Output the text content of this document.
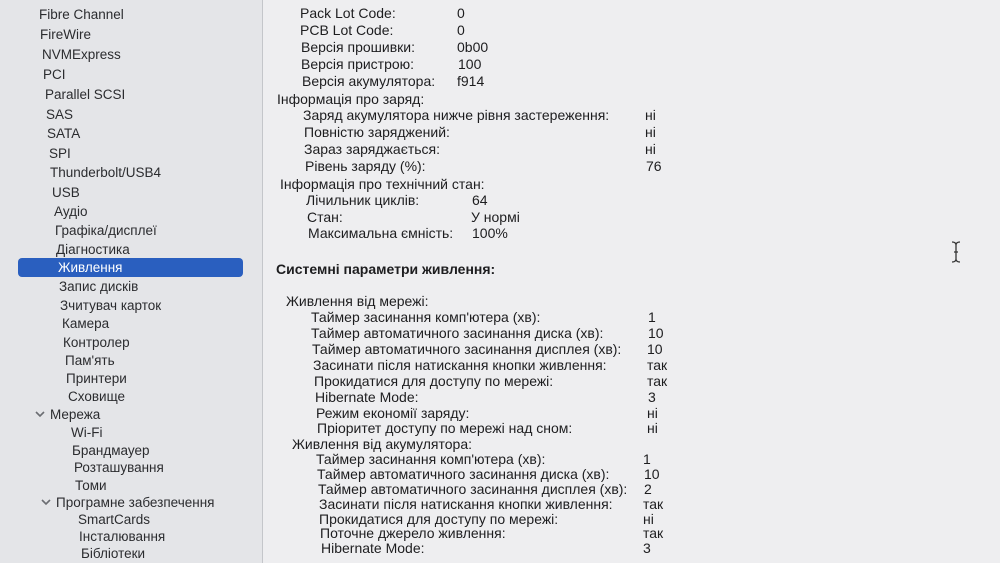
Fibre Channel
FireWire
NVMExpress
PCI
Parallel SCSI
SAS
SATA
SPI
Thunderbolt/USB4
USB
Аудіо
Графіка/дисплеї
Діагностика
Живлення
Запис дисків
Зчитувач карток
Камера
Контролер
Пам'ять
Принтери
Сховище
Мережа
Wi-Fi
Брандмауер
Розташування
Томи
Програмне забезпечення
SmartCards
Інсталювання
Бібліотеки
Pack Lot Code:	0
PCB Lot Code:	0
Версія прошивки:	0b00
Версія пристрою:	100
Версія акумулятора: f914
Інформація про заряд:
Заряд акумулятора нижче рівня застереження:	ні
Повністю заряджений:	ні
Зараз заряджається:	ні
Рівень заряду (%):	76
Інформація про технічний стан:
Лічильник циклів:	64
Стан:	У нормі
Максимальна ємність: 100%
Системні параметри живлення:
Живлення від мережі:
Таймер засинання комп'ютера (хв):	1
Таймер автоматичного засинання диска (хв):	10
Таймер автоматичного засинання дисплея (хв): 10
Засинати після натискання кнопки живлення:	так
Прокидатися для доступу по мережі:	так
Hibernate Mode:	3
Режим економії заряду:	ні
Пріоритет доступу по мережі над сном:	ні
Живлення від акумулятора:
Таймер засинання комп'ютера (хв):	1
Таймер автоматичного засинання диска (хв): 10
Таймер автоматичного засинання дисплея (хв): 2
Засинати після натискання кнопки живлення: так
Прокидатися для доступу по мережі:	ні
Поточне джерело живлення:	так
Hibernate Mode:	3
